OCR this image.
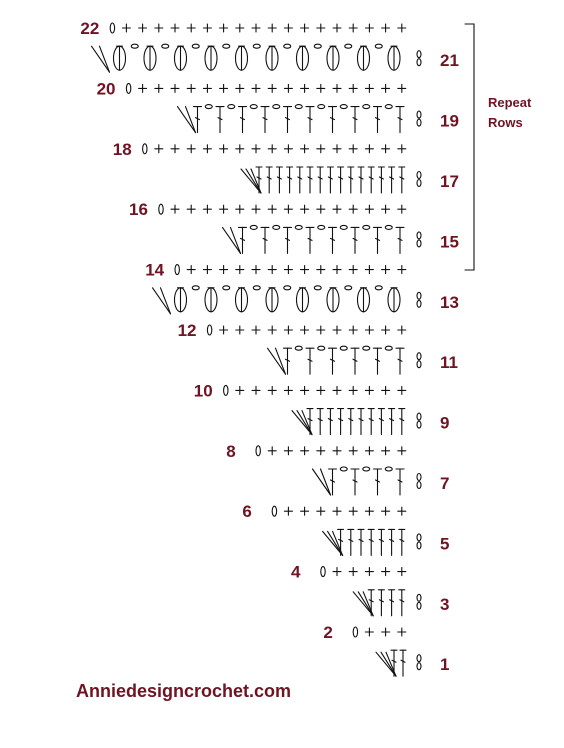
22
21
20
19
18
17
16
15
14
13
12
11
10
9
8
7
6
5
4
3
2
1
Repeat
Rows
Anniedesigncrochet.com
